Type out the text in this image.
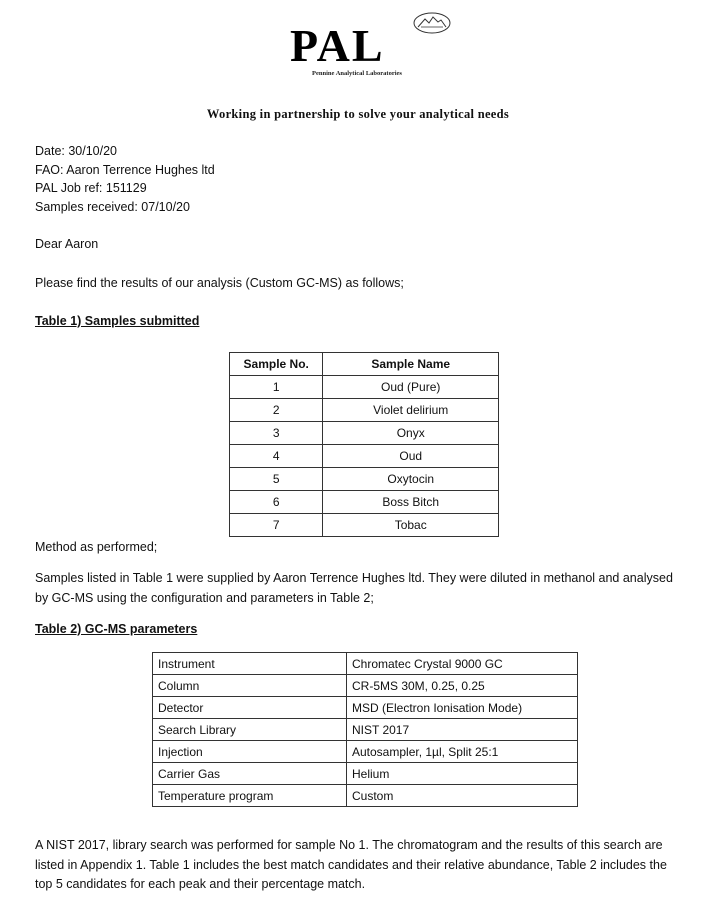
PAL
Pennine Analytical Laboratories
Working in partnership to solve your analytical needs
Date: 30/10/20
FAO: Aaron Terrence Hughes ltd
PAL Job ref: 151129
Samples received: 07/10/20
Dear Aaron
Please find the results of our analysis (Custom GC-MS) as follows;
Table 1) Samples submitted
Sample No.	Sample Name
1	Oud (Pure)
2	Violet delirium
3	Onyx
4	Oud
5	Oxytocin
6	Boss Bitch
7	Tobac
Method as performed;
Samples listed in Table 1 were supplied by Aaron Terrence Hughes ltd. They were diluted in methanol and analysed by GC-MS using the configuration and parameters in Table 2;
Table 2) GC-MS parameters
Instrument	Chromatec Crystal 9000 GC
Column	CR-5MS 30M, 0.25, 0.25
Detector	MSD (Electron Ionisation Mode)
Search Library	NIST 2017
Injection	Autosampler, 1µl, Split 25:1
Carrier Gas	Helium
Temperature program	Custom
A NIST 2017, library search was performed for sample No 1. The chromatogram and the results of this search are listed in Appendix 1. Table 1 includes the best match candidates and their relative abundance, Table 2 includes the top 5 candidates for each peak and their percentage match.
